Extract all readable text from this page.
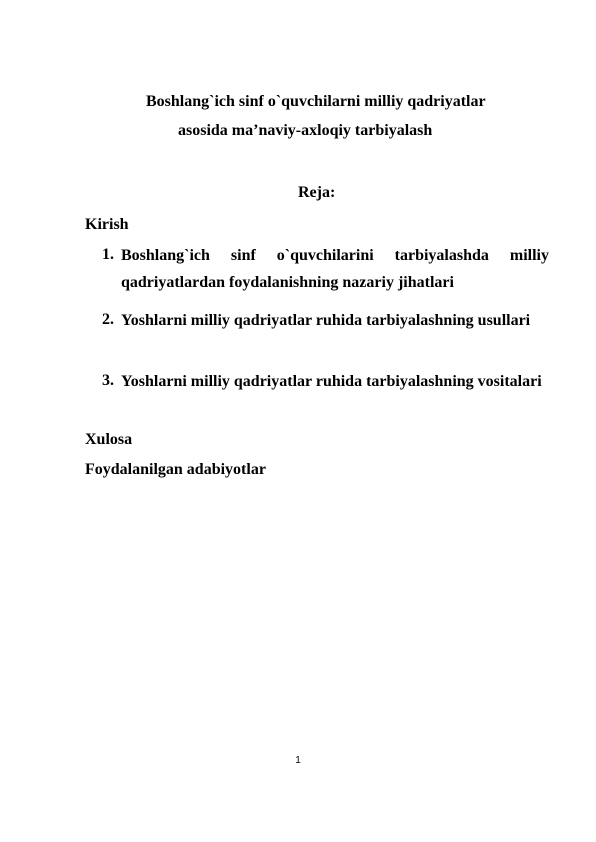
Boshlang`ich sinf o`quvchilarni milliy qadriyatlar
asosida ma’naviy-axloqiy tarbiyalash
Reja:
Kirish
1. Boshlang`ich sinf o`quvchilarini tarbiyalashda milliy qadriyatlardan foydalanishning nazariy jihatlari
2. Yoshlarni milliy qadriyatlar ruhida tarbiyalashning usullari
3. Yoshlarni milliy qadriyatlar ruhida tarbiyalashning vositalari
Xulosa
Foydalanilgan adabiyotlar
1
